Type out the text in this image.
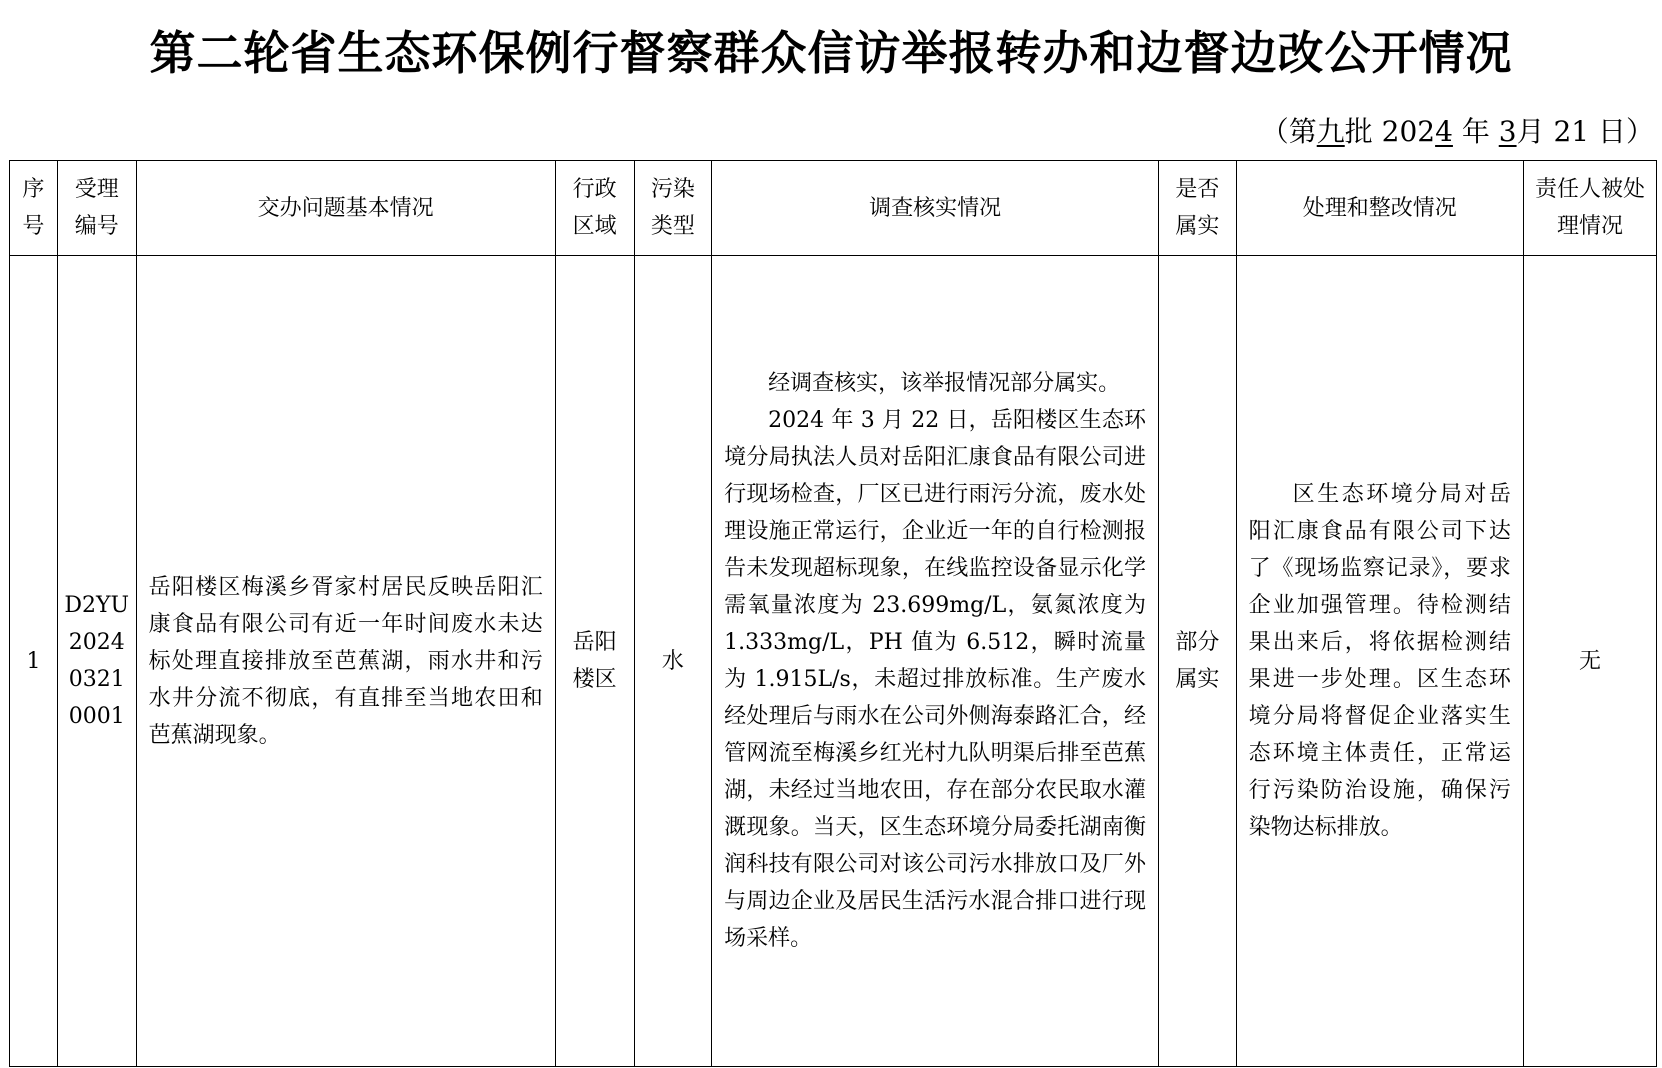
第二轮省生态环保例行督察群众信访举报转办和边督边改公开情况
（第九批 2024 年 3月 21 日）
序号	受理编号	交办问题基本情况	行政区域	污染类型	调查核实情况	是否属实	处理和整改情况	责任人被处理情况
1	D2YU202403210001	岳阳楼区梅溪乡胥家村居民反映岳阳汇康食品有限公司有近一年时间废水未达标处理直接排放至芭蕉湖，雨水井和污水井分流不彻底，有直排至当地农田和芭蕉湖现象。	岳阳楼区	水	经调查核实，该举报情况部分属实。

2024 年 3 月 22 日，岳阳楼区生态环境分局执法人员对岳阳汇康食品有限公司进行现场检查，厂区已进行雨污分流，废水处理设施正常运行，企业近一年的自行检测报告未发现超标现象，在线监控设备显示化学需氧量浓度为 23.699mg/L，氨氮浓度为 1.333mg/L，PH 值为 6.512，瞬时流量为 1.915L/s，未超过排放标准。生产废水经处理后与雨水在公司外侧海泰路汇合，经管网流至梅溪乡红光村九队明渠后排至芭蕉湖，未经过当地农田，存在部分农民取水灌溉现象。当天，区生态环境分局委托湖南衡润科技有限公司对该公司污水排放口及厂外与周边企业及居民生活污水混合排口进行现场采样。	部分属实	区生态环境分局对岳阳汇康食品有限公司下达了《现场监察记录》，要求企业加强管理。待检测结果出来后，将依据检测结果进一步处理。区生态环境分局将督促企业落实生态环境主体责任，正常运行污染防治设施，确保污染物达标排放。	无
